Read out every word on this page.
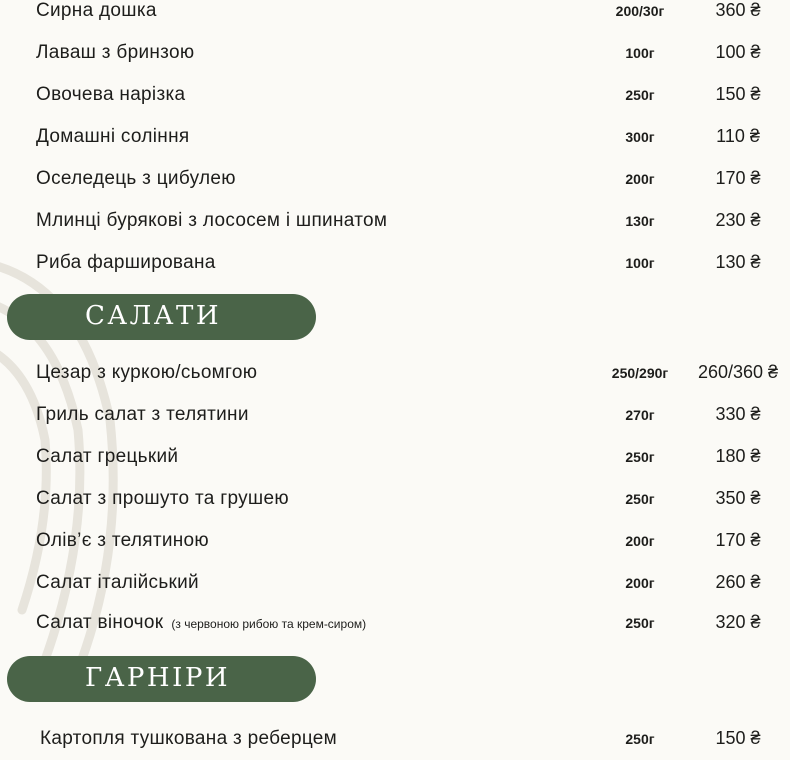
Сирна дошка	200/30г	360 ₴
Лаваш з бринзою	100г	100 ₴
Овочева нарізка	250г	150 ₴
Домашні соління	300г	110 ₴
Оселедець з цибулею	200г	170 ₴
Млинці бурякові з лососем і шпинатом	130г	230 ₴
Риба фарширована	100г	130 ₴
САЛАТИ
Цезар з куркою/сьомгою	250/290г	260/360 ₴
Гриль салат з телятини	270г	330 ₴
Салат грецький	250г	180 ₴
Салат з прошуто та грушею	250г	350 ₴
Олів’є з телятиною	200г	170 ₴
Салат італійський	200г	260 ₴
Салат віночок (з червоною рибою та крем-сиром)	250г	320 ₴
ГАРНІРИ
Картопля тушкована з реберцем	250г	150 ₴
